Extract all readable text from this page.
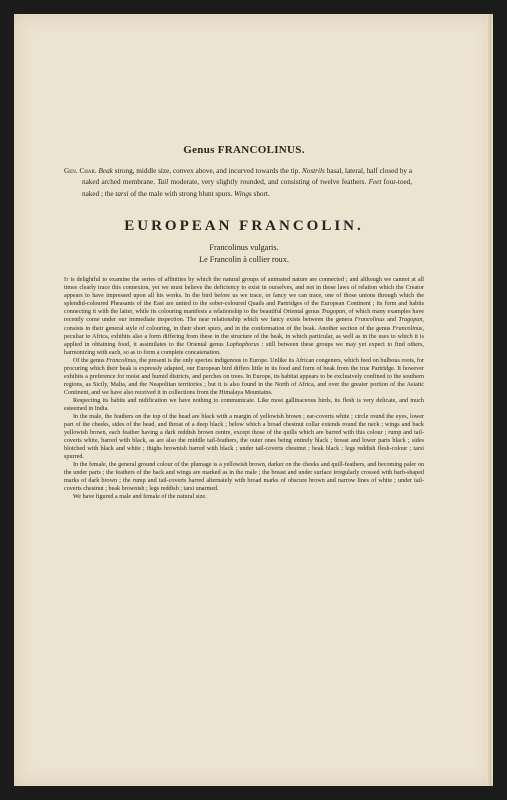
Genus FRANCOLINUS.

Gen. Char. Beak strong, middle size, convex above, and incurved towards the tip. Nostrils basal, lateral, half closed by a naked arched membrane. Tail moderate, very slightly rounded, and consisting of twelve feathers. Feet four-toed, naked ; the tarsi of the male with strong blunt spurs. Wings short.

EUROPEAN FRANCOLIN.

Francolinus vulgaris.

Le Francolin à collier roux.

It is delightful to examine the series of affinities by which the natural groups of animated nature are connected ; and although we cannot at all times clearly trace this connexion, yet we must believe the deficiency to exist in ourselves, and not in those laws of relation which the Creator appears to have impressed upon all his works. In the bird before us we trace, or fancy we can trace, one of those unions through which the splendid-coloured Pheasants of the East are united to the sober-coloured Quails and Partridges of the European Continent ; its form and habits connecting it with the latter, while its colouring manifests a relationship to the beautiful Oriental genus Tragopan, of which many examples have recently come under our immediate inspection. The near relationship which we fancy exists between the genera Francolinus and Tragopan, consists in their general style of colouring, in their short spurs, and in the conformation of the beak. Another section of the genus Francolinus, peculiar to Africa, exhibits also a form differing from these in the structure of the beak, in which particular, as well as in the uses to which it is applied in obtaining food, it assimilates to the Oriental genus Lophophorus : still between these groups we may yet expect to find others, harmonizing with each, so as to form a complete concatenation.

Of the genus Francolinus, the present is the only species indigenous to Europe. Unlike its African congeners, which feed on bulbous roots, for procuring which their beak is expressly adapted, our European bird differs little in its food and form of beak from the true Partridge. It however exhibits a preference for moist and humid districts, and perches on trees. In Europe, its habitat appears to be exclusively confined to the southern regions, as Sicily, Malta, and the Neapolitan territories ; but it is also found in the North of Africa, and over the greater portion of the Asiatic Continent, and we have also received it in collections from the Himalaya Mountains.

Respecting its habits and nidification we have nothing to communicate. Like most gallinaceous birds, its flesh is very delicate, and much esteemed in India.

In the male, the feathers on the top of the head are black with a margin of yellowish brown ; ear-coverts white ; circle round the eyes, lower part of the cheeks, sides of the head, and throat of a deep black ; below which a broad chestnut collar extends round the neck ; wings and back yellowish brown, each feather having a dark reddish brown centre, except those of the quills which are barred with this colour ; rump and tail-coverts white, barred with black, as are also the middle tail-feathers, the outer ones being entirely black ; breast and lower parts black ; sides blotched with black and white ; thighs brownish barred with black ; under tail-coverts chestnut ; beak black ; legs reddish flesh-colour ; tarsi spurred.

In the female, the general ground colour of the plumage is a yellowish brown, darker on the cheeks and quill-feathers, and becoming paler on the under parts ; the feathers of the back and wings are marked as in the male ; the breast and under surface irregularly crossed with barb-shaped marks of dark brown ; the rump and tail-coverts barred alternately with broad marks of obscure brown and narrow lines of white ; under tail-coverts chestnut ; beak brownish ; legs reddish ; tarsi unarmed.

We have figured a male and female of the natural size.
